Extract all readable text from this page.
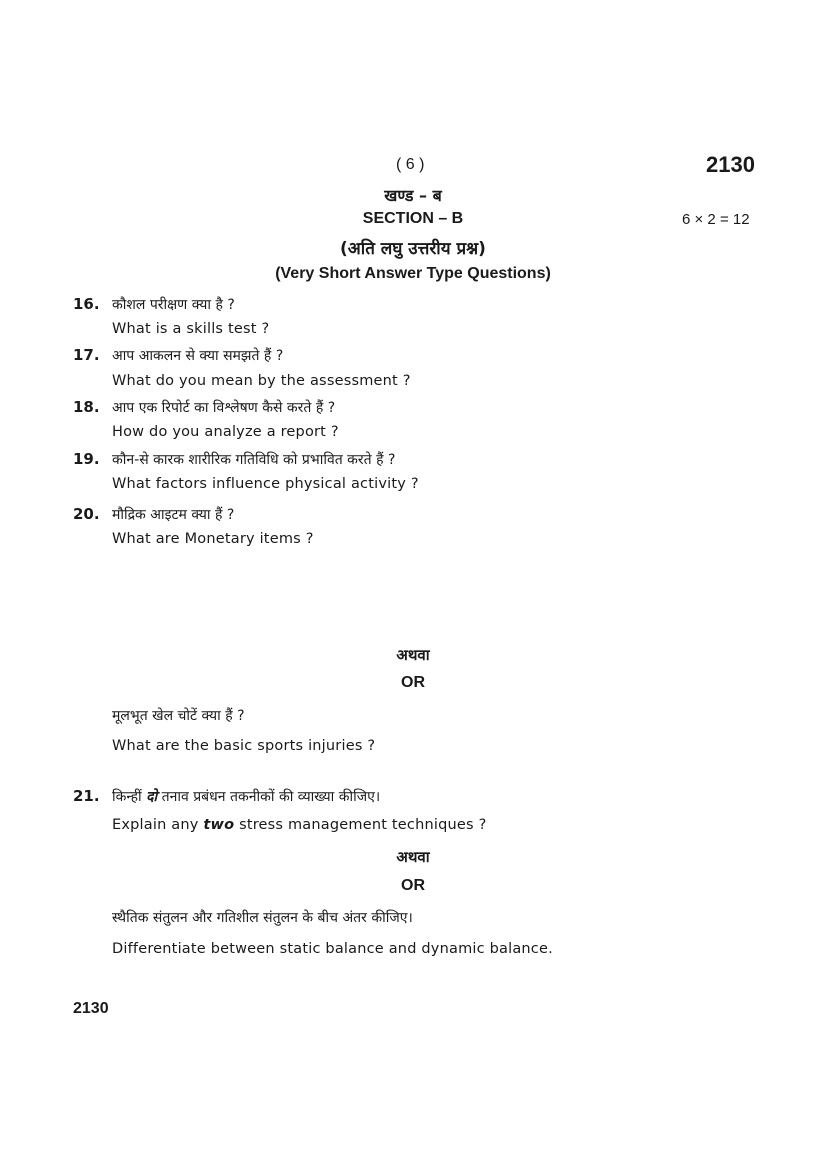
( 6 )	2130
खण्ड – ब
SECTION – B	6 × 2 = 12
(अति लघु उत्तरीय प्रश्न)
(Very Short Answer Type Questions)
16. कौशल परीक्षण क्या है ?
What is a skills test ?
17. आप आकलन से क्या समझते हैं ?
What do you mean by the assessment ?
18. आप एक रिपोर्ट का विश्लेषण कैसे करते हैं ?
How do you analyze a report ?
19. कौन-से कारक शारीरिक गतिविधि को प्रभावित करते हैं ?
What factors influence physical activity ?
20. मौद्रिक आइटम क्या हैं ?
What are Monetary items ?
अथवा
OR
मूलभूत खेल चोटें क्या हैं ?
What are the basic sports injuries ?
21. किन्हीं दो तनाव प्रबंधन तकनीकों की व्याख्या कीजिए।
Explain any two stress management techniques ?
अथवा
OR
स्थैतिक संतुलन और गतिशील संतुलन के बीच अंतर कीजिए।
Differentiate between static balance and dynamic balance.
2130
